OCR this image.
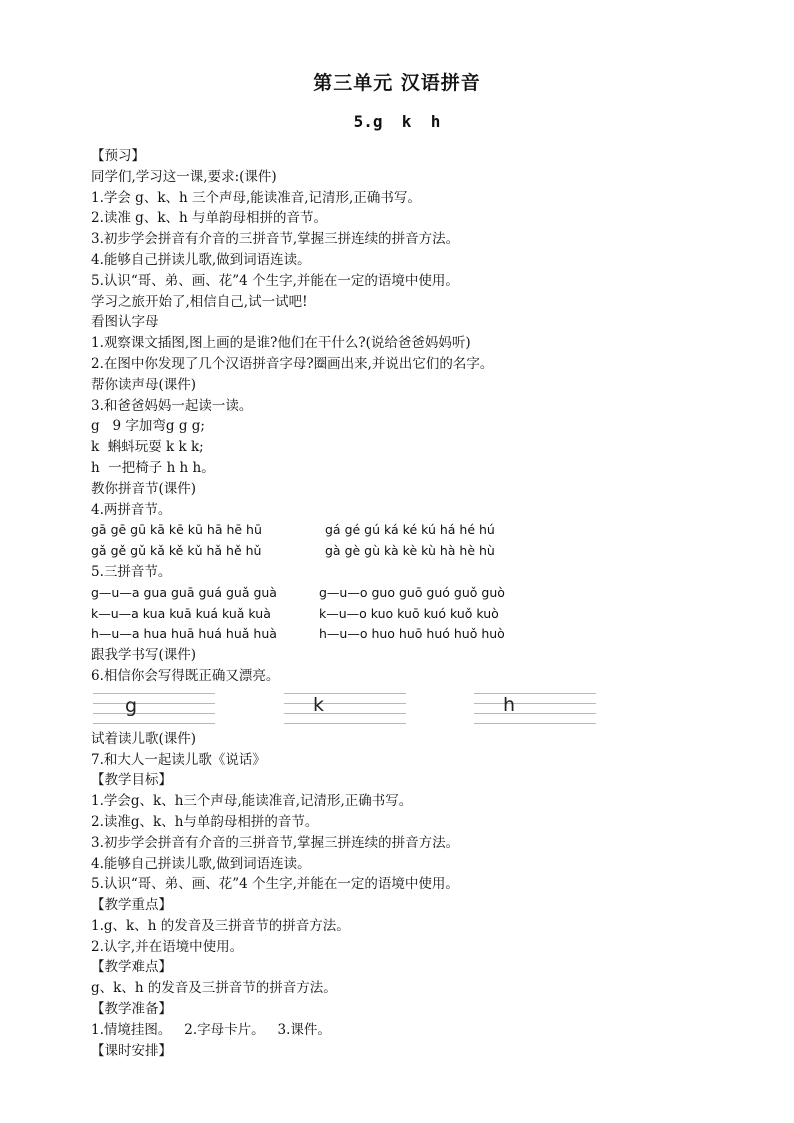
第三单元 汉语拼音
5.g  k  h
【预习】
同学们,学习这一课,要求:(课件)
1.学会 g、k、h 三个声母,能读准音,记清形,正确书写。
2.读准 g、k、h 与单韵母相拼的音节。
3.初步学会拼音有介音的三拼音节,掌握三拼连续的拼音方法。
4.能够自己拼读儿歌,做到词语连读。
5.认识“哥、弟、画、花”4 个生字,并能在一定的语境中使用。
学习之旅开始了,相信自己,试一试吧!
看图认字母
1.观察课文插图,图上画的是谁?他们在干什么?(说给爸爸妈妈听)
2.在图中你发现了几个汉语拼音字母?圈画出来,并说出它们的名字。
帮你读声母(课件)
3.和爸爸妈妈一起读一读。
g   9 字加弯g g g;
k  蝌蚪玩耍 k k k;
h  一把椅子 h h h。
教你拼音节(课件)
4.两拼音节。
gā gē gū kā kē kū hā hē hū	gá gé gú ká ké kú há hé hú
gǎ gě gǔ kǎ kě kǔ hǎ hě hǔ	gà gè gù kà kè kù hà hè hù
5.三拼音节。
g—u—a gua guā guá guǎ guà	g—u—o guo guō guó guǒ guò
k—u—a kua kuā kuá kuǎ kuà	k—u—o kuo kuō kuó kuǒ kuò
h—u—a hua huā huá huǎ huà	h—u—o huo huō huó huǒ huò
跟我学书写(课件)
6.相信你会写得既正确又漂亮。
g	k	h
试着读儿歌(课件)
7.和大人一起读儿歌《说话》
【教学目标】
1.学会g、k、h三个声母,能读准音,记清形,正确书写。
2.读准g、k、h与单韵母相拼的音节。
3.初步学会拼音有介音的三拼音节,掌握三拼连续的拼音方法。
4.能够自己拼读儿歌,做到词语连读。
5.认识“哥、弟、画、花”4 个生字,并能在一定的语境中使用。
【教学重点】
1.g、k、h 的发音及三拼音节的拼音方法。
2.认字,并在语境中使用。
【教学难点】
g、k、h 的发音及三拼音节的拼音方法。
【教学准备】
1.情境挂图。   2.字母卡片。   3.课件。
【课时安排】
